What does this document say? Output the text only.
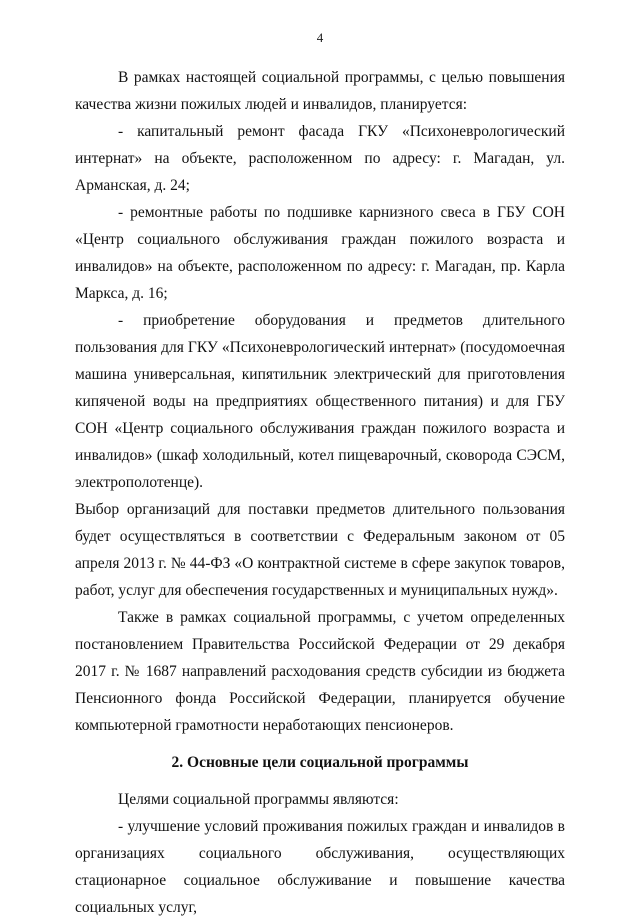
4

В рамках настоящей социальной программы, с целью повышения качества жизни пожилых людей и инвалидов, планируется:

- капитальный ремонт фасада ГКУ «Психоневрологический интернат» на объекте, расположенном по адресу: г. Магадан, ул. Арманская, д. 24;

- ремонтные работы по подшивке карнизного свеса в ГБУ СОН «Центр социального обслуживания граждан пожилого возраста и инвалидов» на объекте, расположенном по адресу: г. Магадан, пр. Карла Маркса, д. 16;

- приобретение оборудования и предметов длительного пользования для ГКУ «Психоневрологический интернат» (посудомоечная машина универсальная, кипятильник электрический для приготовления кипяченой воды на предприятиях общественного питания) и для ГБУ СОН «Центр социального обслуживания граждан пожилого возраста и инвалидов» (шкаф холодильный, котел пищеварочный, сковорода СЭСМ, электрополотенце).

Выбор организаций для поставки предметов длительного пользования будет осуществляться в соответствии с Федеральным законом от 05 апреля 2013 г. № 44-ФЗ «О контрактной системе в сфере закупок товаров, работ, услуг для обеспечения государственных и муниципальных нужд».

Также в рамках социальной программы, с учетом определенных постановлением Правительства Российской Федерации от 29 декабря 2017 г. № 1687 направлений расходования средств субсидии из бюджета Пенсионного фонда Российской Федерации, планируется обучение компьютерной грамотности неработающих пенсионеров.

2. Основные цели социальной программы

Целями социальной программы являются:

- улучшение условий проживания пожилых граждан и инвалидов в организациях социального обслуживания, осуществляющих стационарное социальное обслуживание и повышение качества социальных услуг,
